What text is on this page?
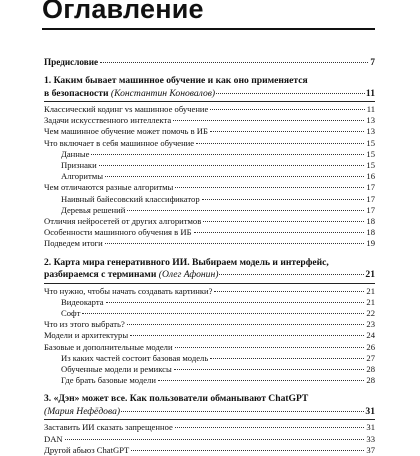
Оглавление
Предисловие	7
1. Каким бывает машинное обучение и как оно применяется
в безопасности
(Константин Коновалов)	11
Классический кодинг vs машинное обучение	11
Задачи искусственного интеллекта	13
Чем машинное обучение может помочь в ИБ	13
Что включает в себя машинное обучение	15
Данные	15
Признаки	15
Алгоритмы	16
Чем отличаются разные алгоритмы	17
Наивный байесовский классификатор	17
Деревья решений	17
Отличия нейросетей от других алгоритмов	18
Особенности машинного обучения в ИБ	18
Подведем итоги	19
2. Карта мира генеративного ИИ. Выбираем модель и интерфейс,
разбираемся с терминами
(Олег Афонин)	21
Что нужно, чтобы начать создавать картинки?	21
Видеокарта	21
Софт	22
Что из этого выбрать?	23
Модели и архитектуры	24
Базовые и дополнительные модели	26
Из каких частей состоит базовая модель	27
Обученные модели и ремиксы	28
Где брать базовые модели	28
3. «Дэн» может все. Как пользователи обманывают ChatGPT
(Мария Нефёдова)	31
Заставить ИИ сказать запрещенное	31
DAN	33
Другой абьюз ChatGPT	37
